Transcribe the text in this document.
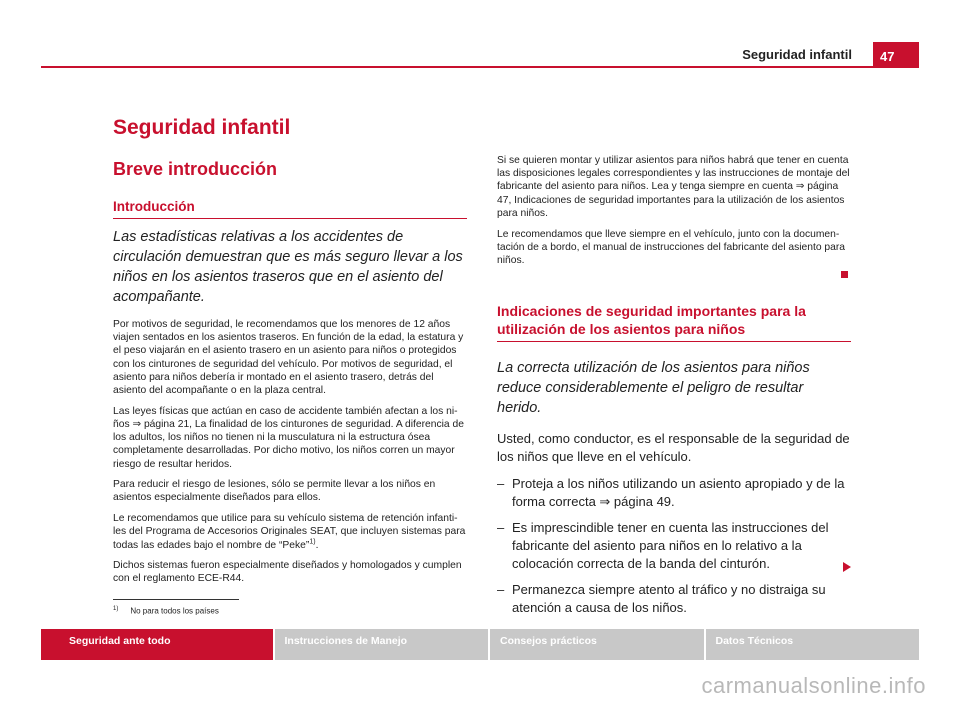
Seguridad infantil	47
Seguridad infantil
Breve introducción
Introducción

Las estadísticas relativas a los accidentes de circulación demuestran que es más seguro llevar a los niños en los asientos traseros que en el asiento del acompañante.

Por motivos de seguridad, le recomendamos que los menores de 12 años viajen sentados en los asientos traseros. En función de la edad, la estatura y el peso viajarán en el asiento trasero en un asiento para niños o protegidos con los cinturones de seguridad del vehículo. Por motivos de seguridad, el asiento para niños debería ir montado en el asiento trasero, detrás del asiento del acompañante o en la plaza central.

Las leyes físicas que actúan en caso de accidente también afectan a los niños ⇒ página 21, La finalidad de los cinturones de seguridad. A diferencia de los adultos, los niños no tienen ni la musculatura ni la estructura ósea completamente desarrolladas. Por dicho motivo, los niños corren un mayor riesgo de resultar heridos.

Para reducir el riesgo de lesiones, sólo se permite llevar a los niños en asientos especialmente diseñados para ellos.

Le recomendamos que utilice para su vehículo sistema de retención infantiles del Programa de Accesorios Originales SEAT, que incluyen sistemas para todas las edades bajo el nombre de “Peke”$^{1)}$.

Dichos sistemas fueron especialmente diseñados y homologados y cumplen con el reglamento ECE-R44.

Si se quieren montar y utilizar asientos para niños habrá que tener en cuenta las disposiciones legales correspondientes y las instrucciones de montaje del fabricante del asiento para niños. Lea y tenga siempre en cuenta ⇒ página 47, Indicaciones de seguridad importantes para la utilización de los asientos para niños.

Le recomendamos que lleve siempre en el vehículo, junto con la documentación de a bordo, el manual de instrucciones del fabricante del asiento para niños.

Indicaciones de seguridad importantes para la utilización de los asientos para niños

La correcta utilización de los asientos para niños reduce considerablemente el peligro de resultar herido.

Usted, como conductor, es el responsable de la seguridad de los niños que lleve en el vehículo.

– Proteja a los niños utilizando un asiento apropiado y de la forma correcta ⇒ página 49.
– Es imprescindible tener en cuenta las instrucciones del fabricante del asiento para niños en lo relativo a la colocación correcta de la banda del cinturón.
– Permanezca siempre atento al tráfico y no distraiga su atención a causa de los niños.
$^{1)}$ No para todos los países
Seguridad ante todo	Instrucciones de Manejo	Consejos prácticos	Datos Técnicos
carmanualsonline.info
